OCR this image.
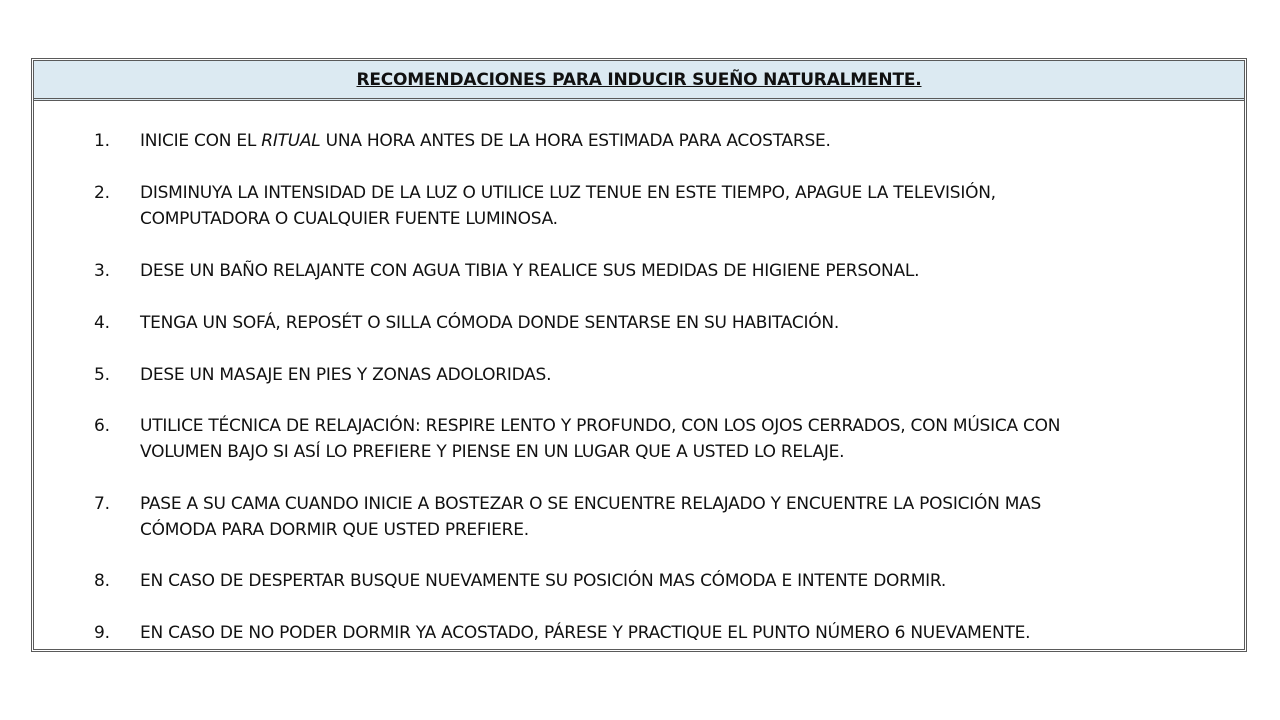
RECOMENDACIONES PARA INDUCIR SUEÑO NATURALMENTE.
1.	INICIE CON EL RITUAL UNA HORA ANTES DE LA HORA ESTIMADA PARA ACOSTARSE.
2.	DISMINUYA LA INTENSIDAD DE LA LUZ O UTILICE LUZ TENUE EN ESTE TIEMPO, APAGUE LA TELEVISIÓN,
COMPUTADORA O CUALQUIER FUENTE LUMINOSA.
3.	DESE UN BAÑO RELAJANTE CON AGUA TIBIA Y REALICE SUS MEDIDAS DE HIGIENE PERSONAL.
4.	TENGA UN SOFÁ, REPOSÉT O SILLA CÓMODA DONDE SENTARSE EN SU HABITACIÓN.
5.	DESE UN MASAJE EN PIES Y ZONAS ADOLORIDAS.
6.	UTILICE TÉCNICA DE RELAJACIÓN: RESPIRE LENTO Y PROFUNDO, CON LOS OJOS CERRADOS, CON MÚSICA CON
VOLUMEN BAJO SI ASÍ LO PREFIERE Y PIENSE EN UN LUGAR QUE A USTED LO RELAJE.
7.	PASE A SU CAMA CUANDO INICIE A BOSTEZAR O SE ENCUENTRE RELAJADO Y ENCUENTRE LA POSICIÓN MAS
CÓMODA PARA DORMIR QUE USTED PREFIERE.
8.	EN CASO DE DESPERTAR BUSQUE NUEVAMENTE SU POSICIÓN MAS CÓMODA E INTENTE DORMIR.
9.	EN CASO DE NO PODER DORMIR YA ACOSTADO, PÁRESE Y PRACTIQUE EL PUNTO NÚMERO 6 NUEVAMENTE.
